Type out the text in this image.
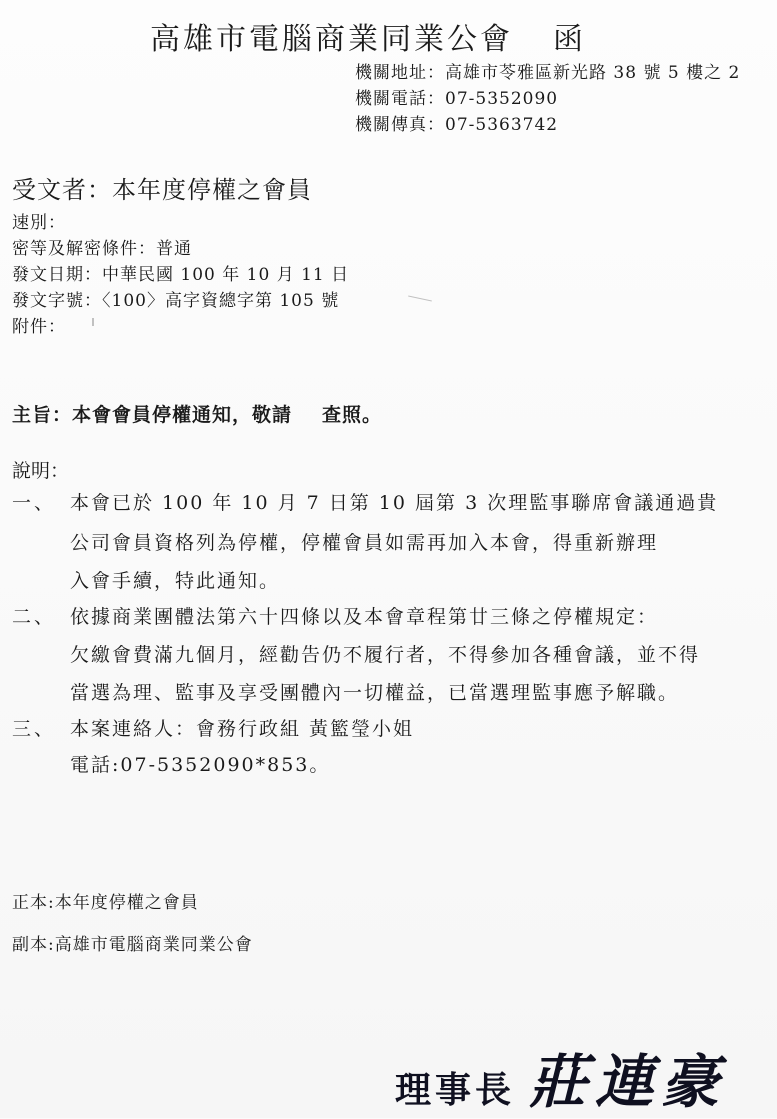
高雄市電腦商業同業公會 函
機關地址：高雄市苓雅區新光路 38 號 5 樓之 2
機關電話：07-5352090
機關傳真：07-5363742
受文者：本年度停權之會員
速別：
密等及解密條件：普通
發文日期：中華民國 100 年 10 月 11 日
發文字號：〈100〉高字資總字第 105 號
附件：
主旨：本會會員停權通知，敬請 查照。
說明：
一、 本會已於 100 年 10 月 7 日第 10 屆第 3 次理監事聯席會議通過貴
公司會員資格列為停權，停權會員如需再加入本會，得重新辦理
入會手續，特此通知。
二、 依據商業團體法第六十四條以及本會章程第廿三條之停權規定：
欠繳會費滿九個月，經勸告仍不履行者，不得參加各種會議，並不得
當選為理、監事及享受團體內一切權益，已當選理監事應予解職。
三、 本案連絡人：會務行政組 黃籃瑩小姐
電話:07-5352090*853。
正本:本年度停權之會員
副本:高雄市電腦商業同業公會
理事長 莊連豪
